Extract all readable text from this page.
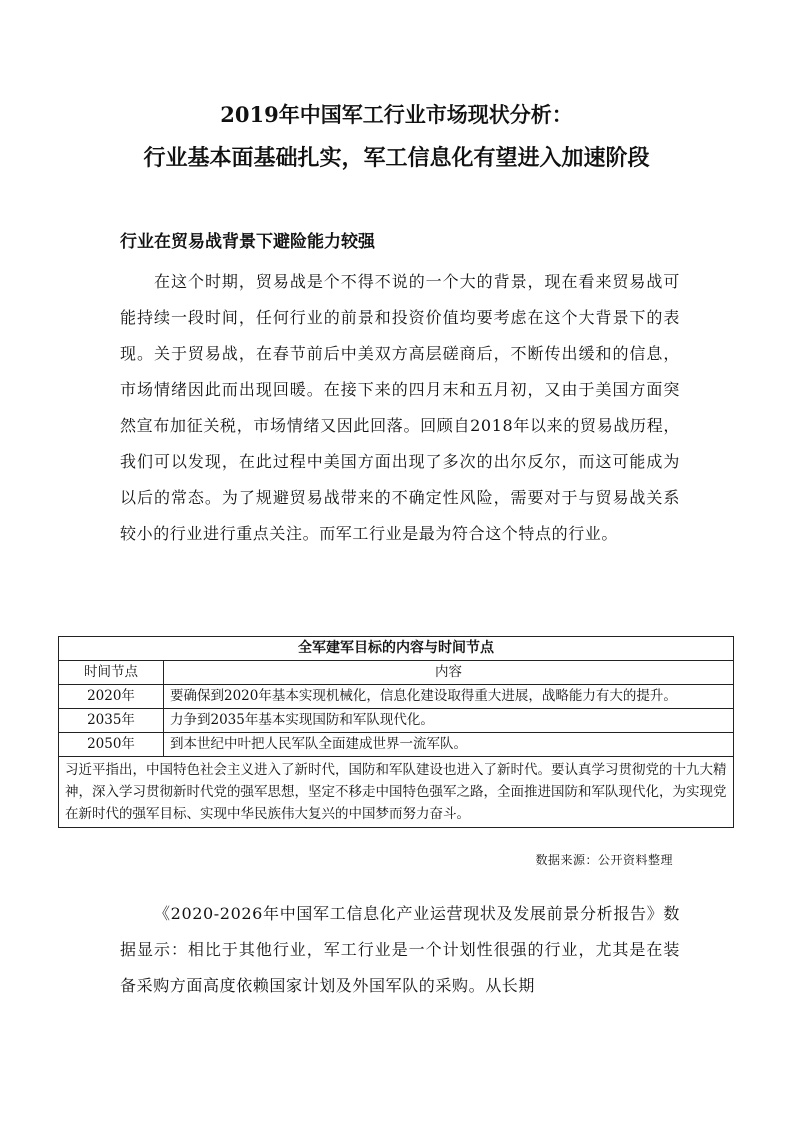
2019年中国军工行业市场现状分析：
行业基本面基础扎实，军工信息化有望进入加速阶段
行业在贸易战背景下避险能力较强
在这个时期，贸易战是个不得不说的一个大的背景，现在看来贸易战可能持续一段时间，任何行业的前景和投资价值均要考虑在这个大背景下的表现。关于贸易战，在春节前后中美双方高层磋商后，不断传出缓和的信息，市场情绪因此而出现回暖。在接下来的四月末和五月初，又由于美国方面突然宣布加征关税，市场情绪又因此回落。回顾自2018年以来的贸易战历程，我们可以发现，在此过程中美国方面出现了多次的出尔反尔，而这可能成为以后的常态。为了规避贸易战带来的不确定性风险，需要对于与贸易战关系较小的行业进行重点关注。而军工行业是最为符合这个特点的行业。
全军建军目标的内容与时间节点	
时间节点	内容
2020年	要确保到2020年基本实现机械化，信息化建设取得重大进展，战略能力有大的提升。
2035年	力争到2035年基本实现国防和军队现代化。
2050年	到本世纪中叶把人民军队全面建成世界一流军队。
习近平指出，中国特色社会主义进入了新时代，国防和军队建设也进入了新时代。要认真学习贯彻党的十九大精神，深入学习贯彻新时代党的强军思想，坚定不移走中国特色强军之路，全面推进国防和军队现代化，为实现党在新时代的强军目标、实现中华民族伟大复兴的中国梦而努力奋斗。	
数据来源：公开资料整理
《2020-2026年中国军工信息化产业运营现状及发展前景分析报告》数据显示：相比于其他行业，军工行业是一个计划性很强的行业，尤其是在装备采购方面高度依赖国家计划及外国军队的采购。从长期
